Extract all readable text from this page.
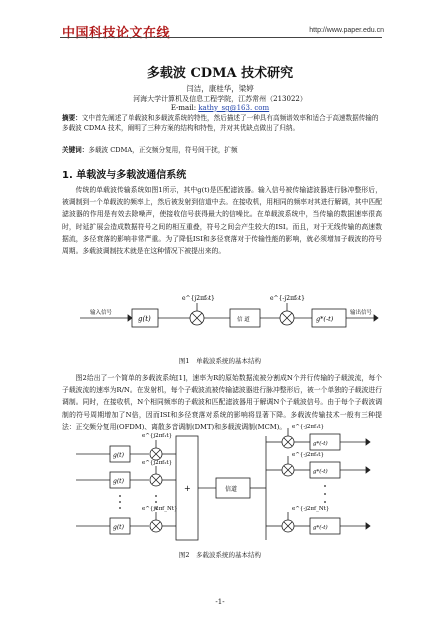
中国科技论文在线	http://www.paper.edu.cn
多载波 CDMA 技术研究
闫洁，康桂华，梁婷
河海大学计算机及信息工程学院，江苏常州（213022）
E-mail: kathy_sg@163. com
摘要：文中首先阐述了单载波和多载波系统的特性，然后描述了一种具有高频谱效率和适合于高速数据传输的多载波 CDMA 技术，阐明了三种方案的结构和特性，并对其优缺点做出了归纳。
关键词：多载波 CDMA，正交频分复用，符号间干扰，扩频
1. 单载波与多载波通信系统
传统的单载波传输系统如图1所示，其中g(t)是匹配滤波器。输入信号被传输滤波器进行脉冲整形后，被调制到一个单载波的频率上，然后被发射到信道中去。在接收机，用相同的频率对其进行解调，其中匹配滤波器的作用是有效去除噪声，使接收信号获得最大的信噪比。在单载波系统中，当传输的数据速率很高时，时延扩展会造成数据符号之间的相互重叠，符号之间会产生较大的ISI。而且，对于无线传输的高速数据流，多径衰落的影响非常严重。为了降低ISI和多径衰落对于传输性能的影响，就必须增加子载波的符号周期。多载波调制技术就是在这种情况下被提出来的。
输入信号
g(t)
e^{j2πf₀t}
信 道
e^{-j2πf₀t}
g*(-t)
输出信号
图1　单载波系统的基本结构
图2给出了一个简单的多载波系统[1]，速率为R的原始数据流被分割成N个并行传输的子载波流，每个子载波流的速率为R/N。在发射机，每个子载波流被传输滤波器进行脉冲整形后，被一个单独的子载波进行调制。同时，在接收机，N个相同频率的子载波和匹配滤波器用于解调N个子载波信号。由于每个子载波调制的符号周期增加了N倍，因而ISI和多径衰落对系统的影响将显著下降。多载波传输技术一般有三种提法：正交频分复用(OFDM)、离散多音调制(DMT)和多载波调制(MCM)。
g(t)
g(t)
g(t)
e^{j2πf₁t}
e^{j2πf₂t}
e^{j2πf_Nt}
+	信道
e^{-j2πf₁t}
e^{-j2πf₂t}
e^{-j2πf_Nt}
g*(-t)
g*(-t)
g*(-t)
图2　多载波系统的基本结构
-1-
